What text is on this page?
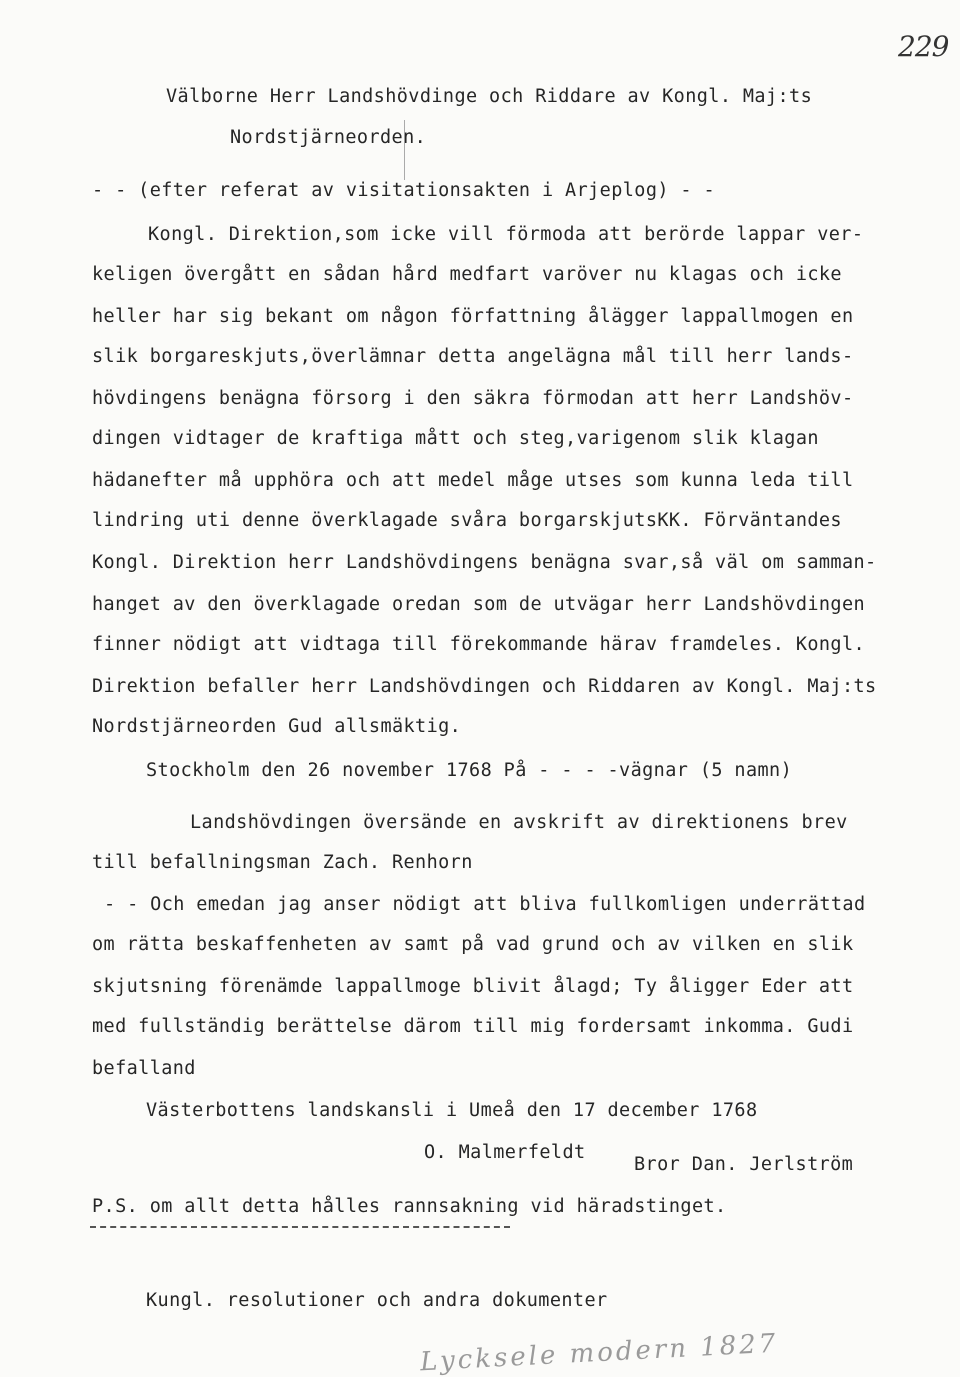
229
Välborne Herr Landshövdinge och Riddare av Kongl. Maj:ts
Nordstjärneorden.
- - (efter referat av visitationsakten i Arjeplog) - -
Kongl. Direktion,som icke vill förmoda att berörde lappar ver-
keligen övergått en sådan hård medfart varöver nu klagas och icke
heller har sig bekant om någon författning ålägger lappallmogen en
slik borgareskjuts,överlämnar detta angelägna mål till herr lands-
hövdingens benägna försorg i den säkra förmodan att herr Landshöv-
dingen vidtager de kraftiga mått och steg,varigenom slik klagan
hädanefter må upphöra och att medel måge utses som kunna leda till
lindring uti denne överklagade svåra borgarskjutsKK. Förväntandes
Kongl. Direktion herr Landshövdingens benägna svar,så väl om samman-
hanget av den överklagade oredan som de utvägar herr Landshövdingen
finner nödigt att vidtaga till förekommande härav framdeles. Kongl.
Direktion befaller herr Landshövdingen och Riddaren av Kongl. Maj:ts
Nordstjärneorden Gud allsmäktig.
Stockholm den 26 november 1768 På - - - -vägnar (5 namn)
Landshövdingen översände en avskrift av direktionens brev
till befallningsman Zach. Renhorn
- - Och emedan jag anser nödigt att bliva fullkomligen underrättad
om rätta beskaffenheten av samt på vad grund och av vilken en slik
skjutsning förenämde lappallmoge blivit ålagd; Ty åligger Eder att
med fullständig berättelse därom till mig fordersamt inkomma. Gudi
befalland
Västerbottens landskansli i Umeå den 17 december 1768
O. Malmerfeldt
Bror Dan. Jerlström
P.S. om allt detta hålles rannsakning vid häradstinget.
Kungl. resolutioner och andra dokumenter
Lycksele modern 1827
